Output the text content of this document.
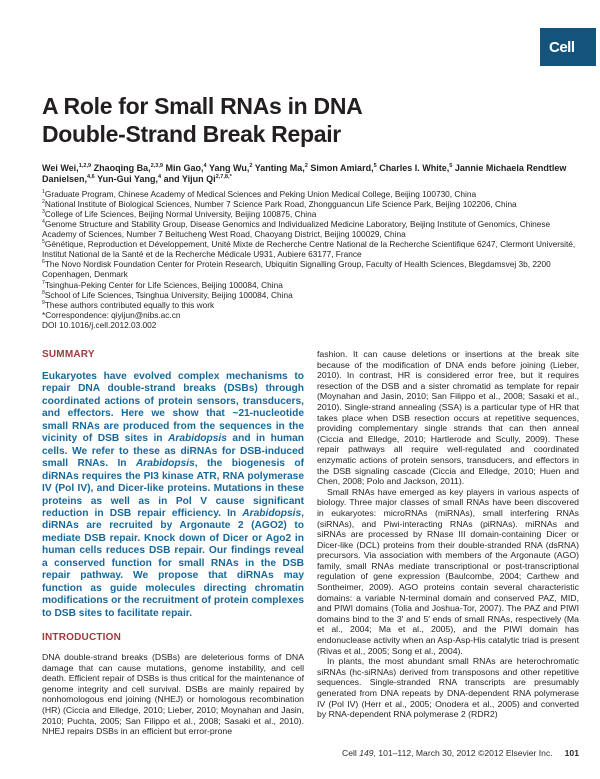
Cell
A Role for Small RNAs in DNA
Double-Strand Break Repair
Wei Wei,$^{1,2,9}$ Zhaoqing Ba,$^{2,3,9}$ Min Gao,$^4$ Yang Wu,$^2$ Yanting Ma,$^2$ Simon Amiard,$^5$ Charles I. White,$^5$ Jannie Michaela Rendtlew Danielsen,$^{4,6}$ Yun-Gui Yang,$^4$ and Yijun $Qi^{2,7,8,*}$
$^1$Graduate Program, Chinese Academy of Medical Sciences and Peking Union Medical College, Beijing 100730, China
$^2$National Institute of Biological Sciences, Number 7 Science Park Road, Zhongguancun Life Science Park, Beijing 102206, China
$^3$College of Life Sciences, Beijing Normal University, Beijing 100875, China
$^4$Genome Structure and Stability Group, Disease Genomics and Individualized Medicine Laboratory, Beijing Institute of Genomics, Chinese Academy of Sciences, Number 7 Beitucheng West Road, Chaoyang District, Beijing 100029, China
$^5$Génétique, Reproduction et Développement, Unité Mixte de Recherche Centre National de la Recherche Scientifique 6247, Clermont Université, Institut National de la Santé et de la Recherche Médicale U931, Aubiere 63177, France
$^6$The Novo Nordisk Foundation Center for Protein Research, Ubiquitin Signalling Group, Faculty of Health Sciences, Blegdamsvej 3b, 2200 Copenhagen, Denmark
$^7$Tsinghua-Peking Center for Life Sciences, Beijing 100084, China
$^8$School of Life Sciences, Tsinghua University, Beijing 100084, China
$^9$These authors contributed equally to this work
*Correspondence: qiyijun@nibs.ac.cn
DOI 10.1016/j.cell.2012.03.002
SUMMARY

Eukaryotes have evolved complex mechanisms to repair DNA double-strand breaks (DSBs) through coordinated actions of protein sensors, transducers, and effectors. Here we show that ~21-nucleotide small RNAs are produced from the sequences in the vicinity of DSB sites in Arabidopsis and in human cells. We refer to these as diRNAs for DSB-induced small RNAs. In Arabidopsis, the biogenesis of diRNAs requires the PI3 kinase ATR, RNA polymerase IV (Pol IV), and Dicer-like proteins. Mutations in these proteins as well as in Pol V cause significant reduction in DSB repair efficiency. In Arabidopsis, diRNAs are recruited by Argonaute 2 (AGO2) to mediate DSB repair. Knock down of Dicer or Ago2 in human cells reduces DSB repair. Our findings reveal a conserved function for small RNAs in the DSB repair pathway. We propose that diRNAs may function as guide molecules directing chromatin modifications or the recruitment of protein complexes to DSB sites to facilitate repair.

INTRODUCTION

DNA double-strand breaks (DSBs) are deleterious forms of DNA damage that can cause mutations, genome instability, and cell death. Efficient repair of DSBs is thus critical for the maintenance of genome integrity and cell survival. DSBs are mainly repaired by nonhomologous end joining (NHEJ) or homologous recombination (HR) (Ciccia and Elledge, 2010; Lieber, 2010; Moynahan and Jasin, 2010; Puchta, 2005; San Filippo et al., 2008; Sasaki et al., 2010). NHEJ repairs DSBs in an efficient but error-prone

fashion. It can cause deletions or insertions at the break site because of the modification of DNA ends before joining (Lieber, 2010). In contrast, HR is considered error free, but it requires resection of the DSB and a sister chromatid as template for repair (Moynahan and Jasin, 2010; San Filippo et al., 2008; Sasaki et al., 2010). Single-strand annealing (SSA) is a particular type of HR that takes place when DSB resection occurs at repetitive sequences, providing complementary single strands that can then anneal (Ciccia and Elledge, 2010; Hartlerode and Scully, 2009). These repair pathways all require well-regulated and coordinated enzymatic actions of protein sensors, transducers, and effectors in the DSB signaling cascade (Ciccia and Elledge, 2010; Huen and Chen, 2008; Polo and Jackson, 2011).

Small RNAs have emerged as key players in various aspects of biology. Three major classes of small RNAs have been discovered in eukaryotes: microRNAs (miRNAs), small interfering RNAs (siRNAs), and Piwi-interacting RNAs (piRNAs). miRNAs and siRNAs are processed by RNase III domain-containing Dicer or Dicer-like (DCL) proteins from their double-stranded RNA (dsRNA) precursors. Via association with members of the Argonaute (AGO) family, small RNAs mediate transcriptional or post-transcriptional regulation of gene expression (Baulcombe, 2004; Carthew and Sontheimer, 2009). AGO proteins contain several characteristic domains: a variable N-terminal domain and conserved PAZ, MID, and PIWI domains (Tolia and Joshua-Tor, 2007). The PAZ and PIWI domains bind to the 3′ and 5′ ends of small RNAs, respectively (Ma et al., 2004; Ma et al., 2005), and the PIWI domain has endonuclease activity when an Asp-Asp-His catalytic triad is present (Rivas et al., 2005; Song et al., 2004).

In plants, the most abundant small RNAs are heterochromatic siRNAs (hc-siRNAs) derived from transposons and other repetitive sequences. Single-stranded RNA transcripts are presumably generated from DNA repeats by DNA-dependent RNA polymerase IV (Pol IV) (Herr et al., 2005; Onodera et al., 2005) and converted by RNA-dependent RNA polymerase 2 (RDR2)

Cell 149, 101–112, March 30, 2012 ©2012 Elsevier Inc. 101
